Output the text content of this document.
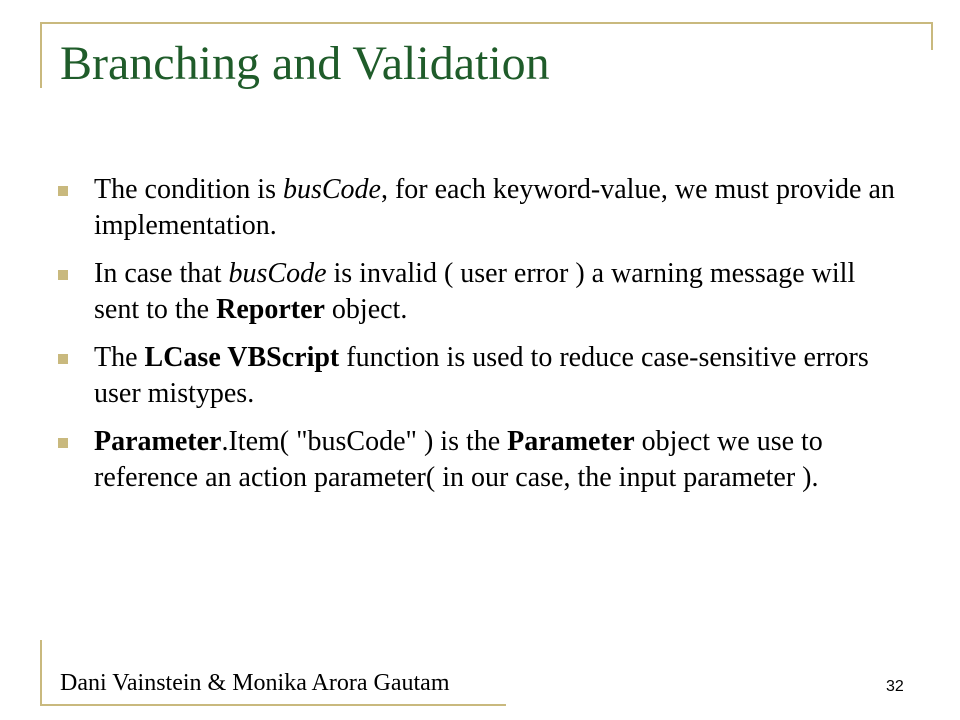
Branching and Validation
The condition is busCode, for each keyword-value, we must provide an implementation.
In case that busCode is invalid ( user error ) a warning message will sent to the Reporter object.
The LCase VBScript function is used to reduce case-sensitive errors user mistypes.
Parameter.Item( "busCode" ) is the Parameter object we use to reference an action parameter( in our case, the input parameter ).
Dani Vainstein & Monika Arora Gautam	32
